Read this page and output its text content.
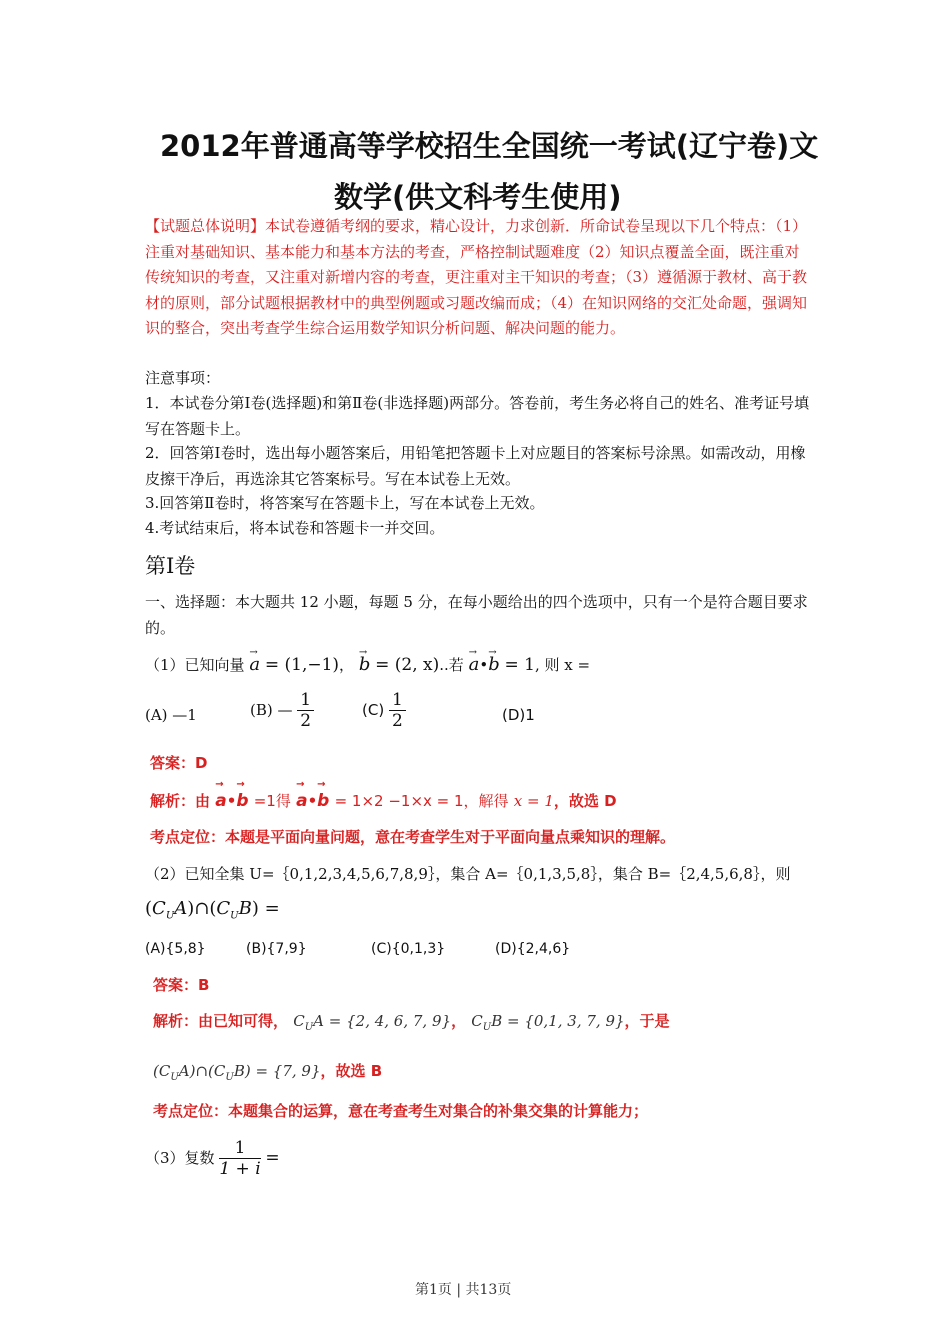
2012年普通高等学校招生全国统一考试(辽宁卷)文
数学(供文科考生使用)
【试题总体说明】本试卷遵循考纲的要求，精心设计，力求创新．所命试卷呈现以下几个特点：（1）注重对基础知识、基本能力和基本方法的考查，严格控制试题难度（2）知识点覆盖全面，既注重对传统知识的考查，又注重对新增内容的考查，更注重对主干知识的考查；（3）遵循源于教材、高于教材的原则，部分试题根据教材中的典型例题或习题改编而成；（4）在知识网络的交汇处命题，强调知识的整合，突出考查学生综合运用数学知识分析问题、解决问题的能力。
注意事项：
1．本试卷分第Ⅰ卷(选择题)和第Ⅱ卷(非选择题)两部分。答卷前，考生务必将自己的姓名、准考证号填写在答题卡上。
2．回答第Ⅰ卷时，选出每小题答案后，用铅笔把答题卡上对应题目的答案标号涂黑。如需改动，用橡皮擦干净后，再选涂其它答案标号。写在本试卷上无效。
3.回答第Ⅱ卷时，将答案写在答题卡上，写在本试卷上无效。
4.考试结束后，将本试卷和答题卡一并交回。
第Ⅰ卷
一、选择题：本大题共 12 小题，每题 5 分，在每小题给出的四个选项中，只有一个是符合题目要求的。
（1）已知向量 → a = (1,−1)， → b = (2, x)..若 → a•→ b = 1, 则 x =
(A) —1	(B) — $\frac{1}{2}$	$(C) \frac{1}{2}$	(D)1
答案：D
解析：由 → a•→ b =1得 → a•→ b = 1×2 −1×x = 1，解得 x = 1，故选 D
考点定位：本题是平面向量问题，意在考查学生对于平面向量点乘知识的理解。
（2）已知全集 U=｛0,1,2,3,4,5,6,7,8,9｝，集合 A=｛0,1,3,5,8｝，集合 B=｛2,4,5,6,8｝，则
$(C_UA)\cap(C_UB)$ =
(A){5,8}	(B){7,9}	(C){0,1,3}	(D){2,4,6}
答案：B
解析：由已知可得， $C_UA = \{2$, 4, 6, 7, 9}， $C_UB = \{0,1$, 3, 7, 9}，于是
$(C_UA)\cap(C_UB) = \{7$, 9}，故选 B
考点定位：本题集合的运算，意在考查考生对集合的补集交集的计算能力；
（3）复数 $\frac{1}{1 + i}$ =
第1页 | 共13页
